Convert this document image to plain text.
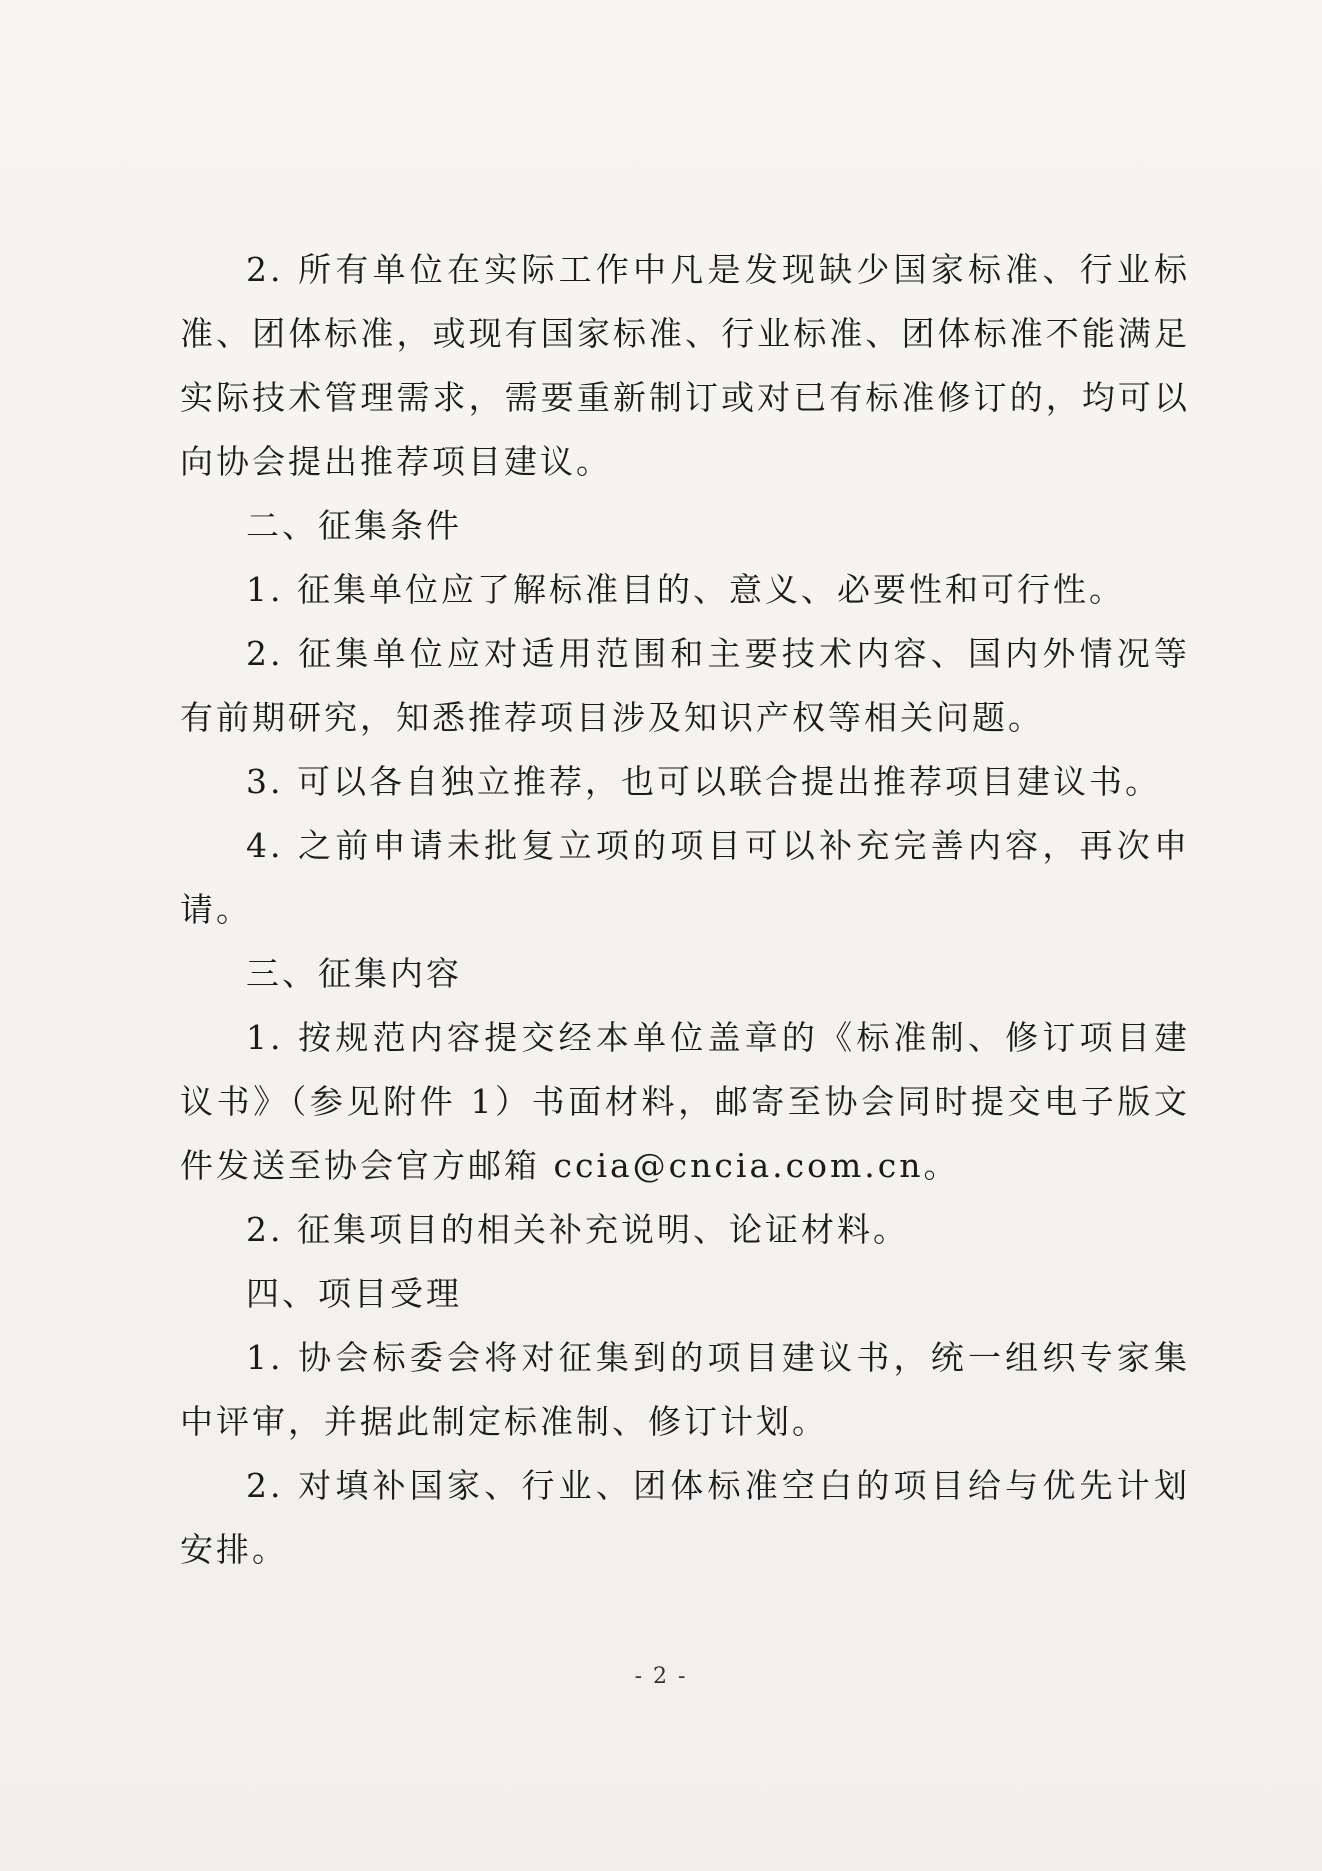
2. 所有单位在实际工作中凡是发现缺少国家标准、行业标准、团体标准，或现有国家标准、行业标准、团体标准不能满足实际技术管理需求，需要重新制订或对已有标准修订的，均可以向协会提出推荐项目建议。

二、征集条件

1. 征集单位应了解标准目的、意义、必要性和可行性。

2. 征集单位应对适用范围和主要技术内容、国内外情况等有前期研究，知悉推荐项目涉及知识产权等相关问题。

3. 可以各自独立推荐，也可以联合提出推荐项目建议书。

4. 之前申请未批复立项的项目可以补充完善内容，再次申请。

三、征集内容

1. 按规范内容提交经本单位盖章的《标准制、修订项目建议书》（参见附件 1）书面材料，邮寄至协会同时提交电子版文件发送至协会官方邮箱 ccia@cncia.com.cn。

2. 征集项目的相关补充说明、论证材料。

四、项目受理

1. 协会标委会将对征集到的项目建议书，统一组织专家集中评审，并据此制定标准制、修订计划。

2. 对填补国家、行业、团体标准空白的项目给与优先计划安排。

- 2 -
